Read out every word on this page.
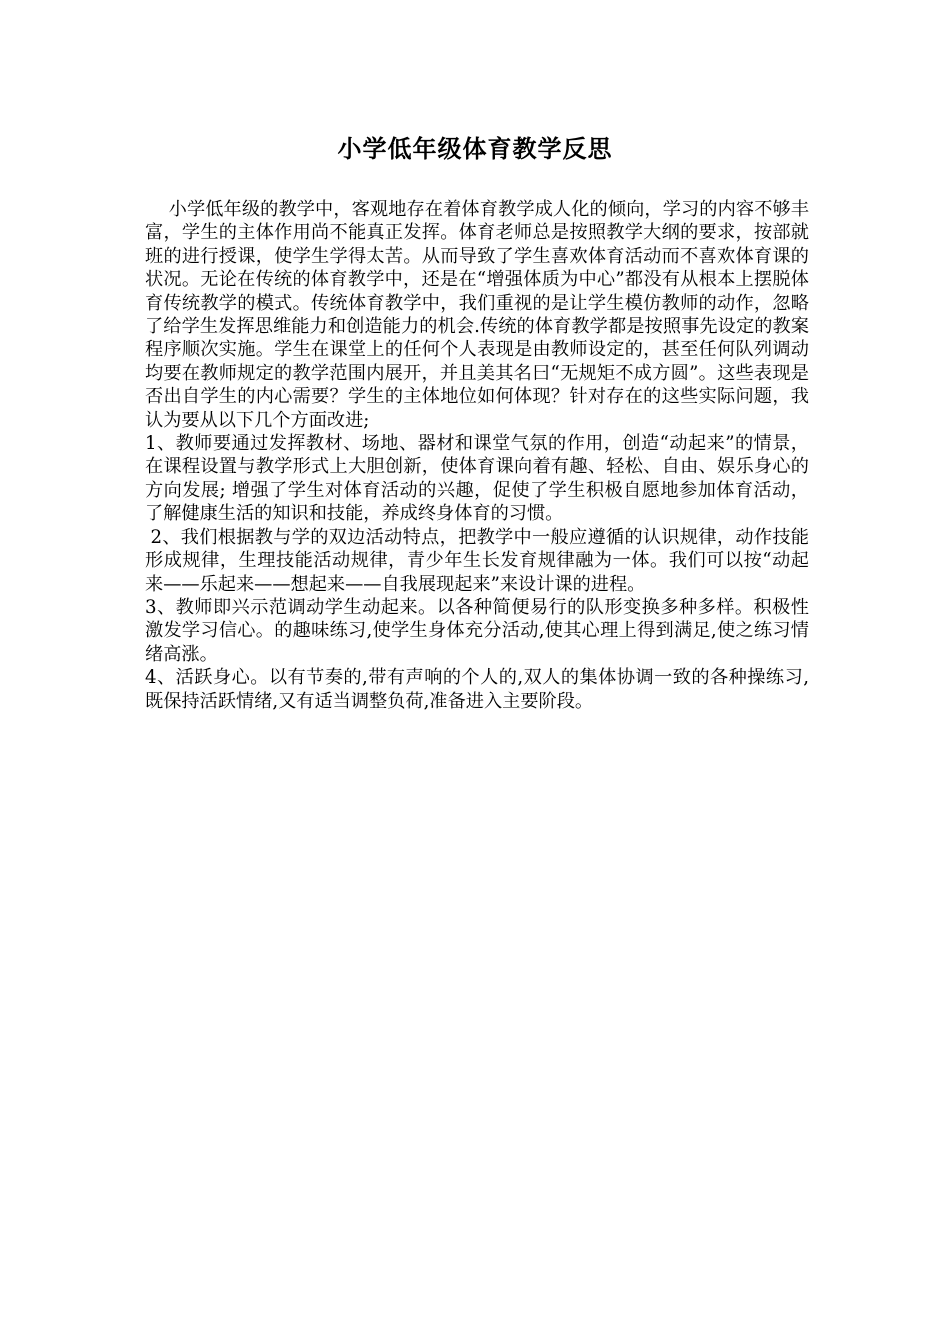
小学低年级体育教学反思

小学低年级的教学中，客观地存在着体育教学成人化的倾向，学习的内容不够丰富，学生的主体作用尚不能真正发挥。体育老师总是按照教学大纲的要求，按部就班的进行授课，使学生学得太苦。从而导致了学生喜欢体育活动而不喜欢体育课的状况。无论在传统的体育教学中，还是在“增强体质为中心”都没有从根本上摆脱体育传统教学的模式。传统体育教学中，我们重视的是让学生模仿教师的动作，忽略了给学生发挥思维能力和创造能力的机会.传统的体育教学都是按照事先设定的教案程序顺次实施。学生在课堂上的任何个人表现是由教师设定的，甚至任何队列调动均要在教师规定的教学范围内展开，并且美其名曰“无规矩不成方圆”。这些表现是否出自学生的内心需要？学生的主体地位如何体现？针对存在的这些实际问题，我认为要从以下几个方面改进;

1、教师要通过发挥教材、场地、器材和课堂气氛的作用，创造“动起来”的情景，在课程设置与教学形式上大胆创新，使体育课向着有趣、轻松、自由、娱乐身心的方向发展; 增强了学生对体育活动的兴趣，促使了学生积极自愿地参加体育活动，了解健康生活的知识和技能，养成终身体育的习惯。

2、我们根据教与学的双边活动特点，把教学中一般应遵循的认识规律，动作技能形成规律，生理技能活动规律，青少年生长发育规律融为一体。我们可以按“动起来——乐起来——想起来——自我展现起来”来设计课的进程。

3、教师即兴示范调动学生动起来。以各种简便易行的队形变换多种多样。积极性激发学习信心。的趣味练习,使学生身体充分活动,使其心理上得到满足,使之练习情绪高涨。

4、活跃身心。以有节奏的,带有声响的个人的,双人的集体协调一致的各种操练习,既保持活跃情绪,又有适当调整负荷,准备进入主要阶段。
